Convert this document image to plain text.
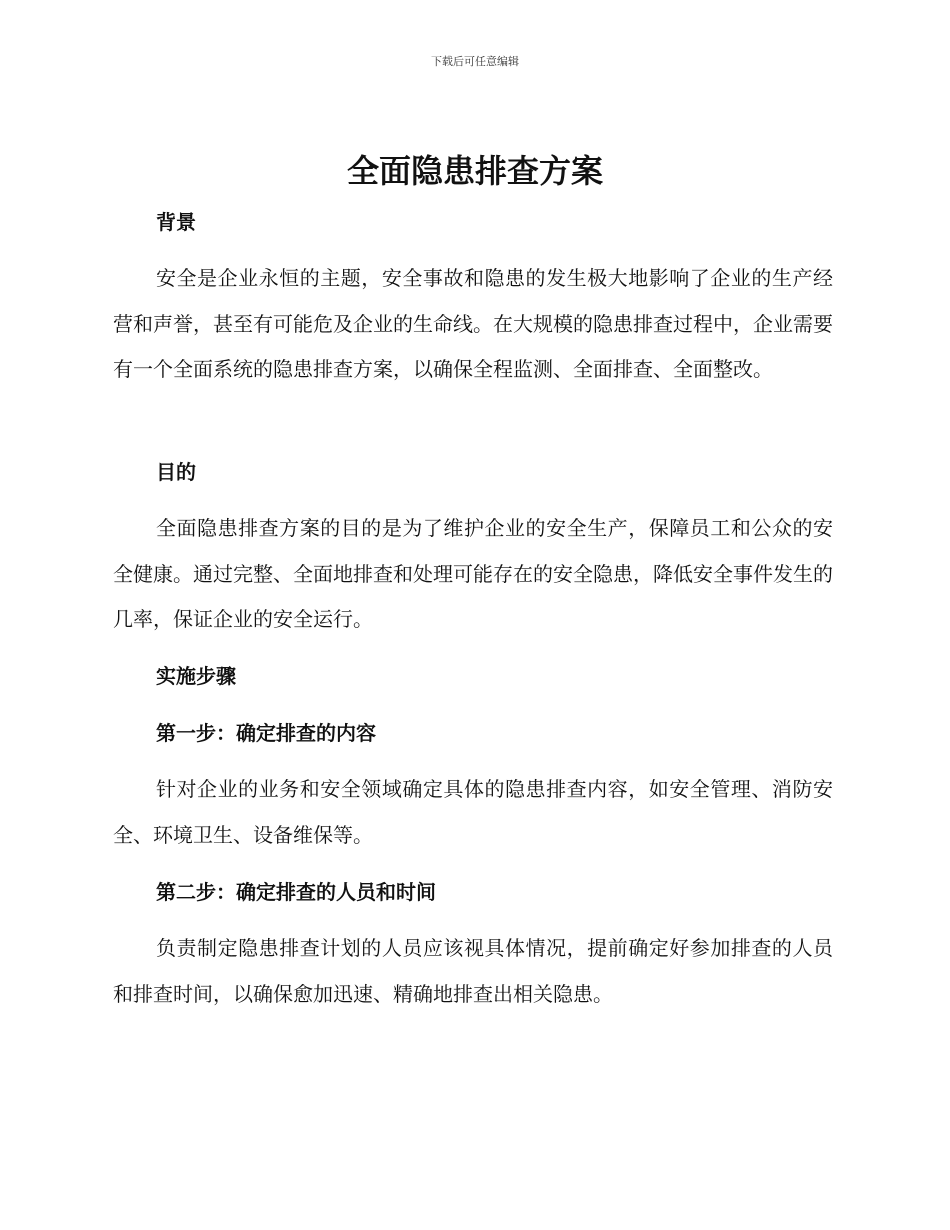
下载后可任意编辑
全面隐患排查方案
背景

安全是企业永恒的主题，安全事故和隐患的发生极大地影响了企业的生产经营和声誉，甚至有可能危及企业的生命线。在大规模的隐患排查过程中，企业需要有一个全面系统的隐患排查方案，以确保全程监测、全面排查、全面整改。

目的

全面隐患排查方案的目的是为了维护企业的安全生产，保障员工和公众的安全健康。通过完整、全面地排查和处理可能存在的安全隐患，降低安全事件发生的几率，保证企业的安全运行。

实施步骤
第一步：确定排查的内容

针对企业的业务和安全领域确定具体的隐患排查内容，如安全管理、消防安全、环境卫生、设备维保等。

第二步：确定排查的人员和时间

负责制定隐患排查计划的人员应该视具体情况，提前确定好参加排查的人员和排查时间，以确保愈加迅速、精确地排查出相关隐患。
